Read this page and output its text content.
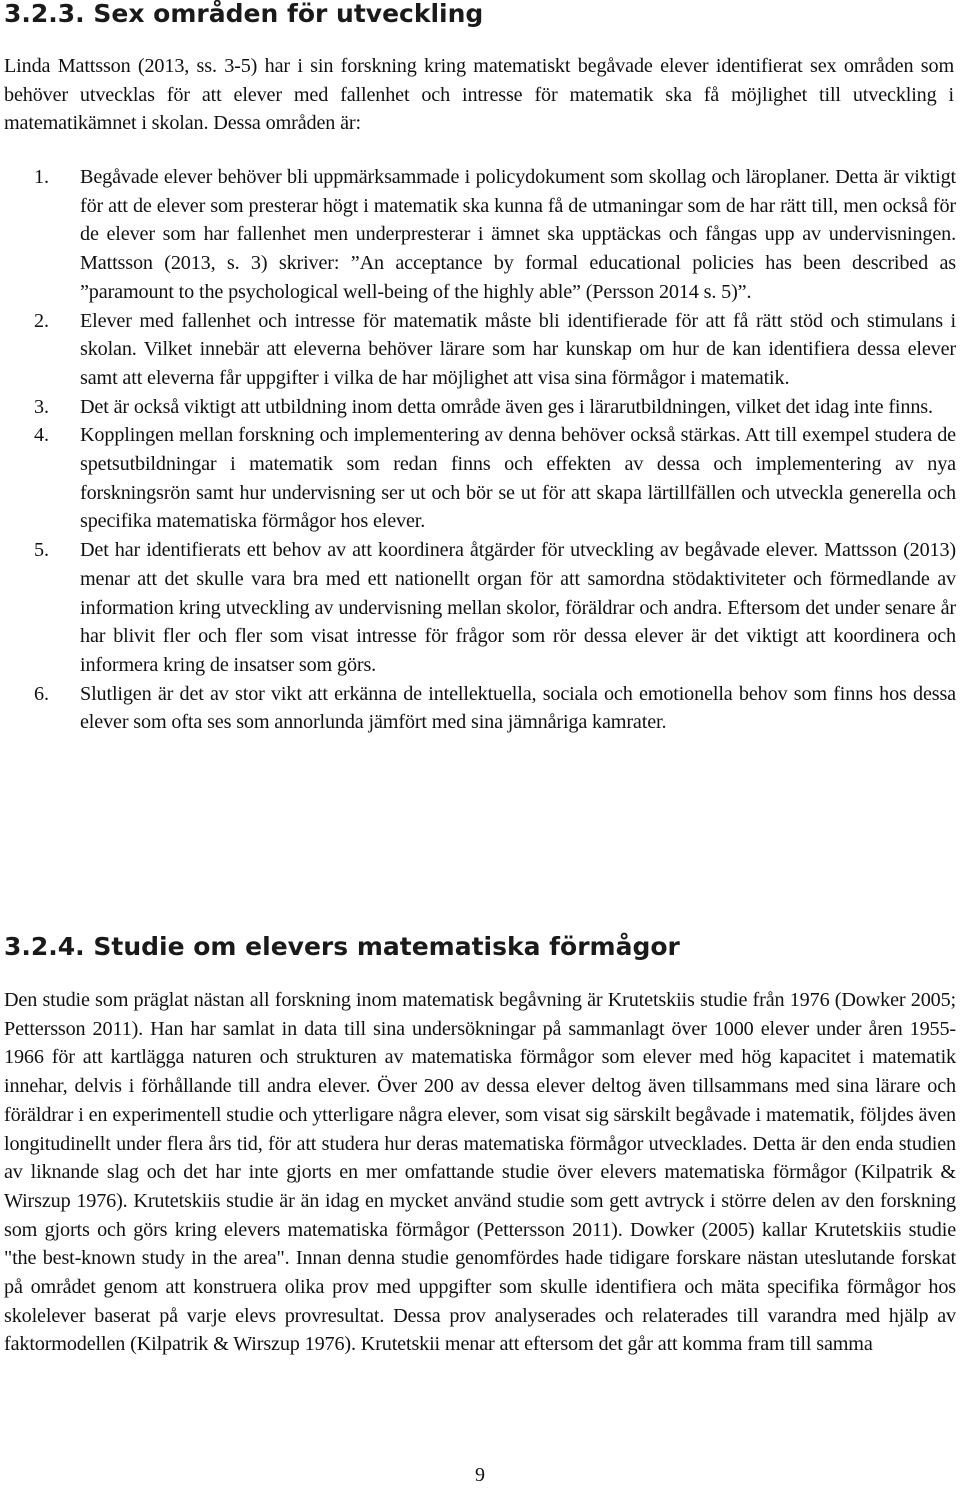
3.2.3. Sex områden för utveckling

Linda Mattsson (2013, ss. 3-5) har i sin forskning kring matematiskt begåvade elever identifierat sex områden som behöver utvecklas för att elever med fallenhet och intresse för matematik ska få möjlighet till utveckling i matematikämnet i skolan. Dessa områden är:

1.	Begåvade elever behöver bli uppmärksammade i policydokument som skollag och läroplaner. Detta är viktigt för att de elever som presterar högt i matematik ska kunna få de utmaningar som de har rätt till, men också för de elever som har fallenhet men underpresterar i ämnet ska upptäckas och fångas upp av undervisningen. Mattsson (2013, s. 3) skriver: ”An acceptance by formal educational policies has been described as ”paramount to the psychological well-being of the highly able” (Persson 2014 s. 5)”.
2.	Elever med fallenhet och intresse för matematik måste bli identifierade för att få rätt stöd och stimulans i skolan. Vilket innebär att eleverna behöver lärare som har kunskap om hur de kan identifiera dessa elever samt att eleverna får uppgifter i vilka de har möjlighet att visa sina förmågor i matematik.
3.	Det är också viktigt att utbildning inom detta område även ges i lärarutbildningen, vilket det idag inte finns.
4.	Kopplingen mellan forskning och implementering av denna behöver också stärkas. Att till exempel studera de spetsutbildningar i matematik som redan finns och effekten av dessa och implementering av nya forskningsrön samt hur undervisning ser ut och bör se ut för att skapa lärtillfällen och utveckla generella och specifika matematiska förmågor hos elever.
5.	Det har identifierats ett behov av att koordinera åtgärder för utveckling av begåvade elever. Mattsson (2013) menar att det skulle vara bra med ett nationellt organ för att samordna stödaktiviteter och förmedlande av information kring utveckling av undervisning mellan skolor, föräldrar och andra. Eftersom det under senare år har blivit fler och fler som visat intresse för frågor som rör dessa elever är det viktigt att koordinera och informera kring de insatser som görs.
6.	Slutligen är det av stor vikt att erkänna de intellektuella, sociala och emotionella behov som finns hos dessa elever som ofta ses som annorlunda jämfört med sina jämnåriga kamrater.
3.2.4. Studie om elevers matematiska förmågor

Den studie som präglat nästan all forskning inom matematisk begåvning är Krutetskiis studie från 1976 (Dowker 2005; Pettersson 2011). Han har samlat in data till sina undersökningar på sammanlagt över 1000 elever under åren 1955-1966 för att kartlägga naturen och strukturen av matematiska förmågor som elever med hög kapacitet i matematik innehar, delvis i förhållande till andra elever. Över 200 av dessa elever deltog även tillsammans med sina lärare och föräldrar i en experimentell studie och ytterligare några elever, som visat sig särskilt begåvade i matematik, följdes även longitudinellt under flera års tid, för att studera hur deras matematiska förmågor utvecklades. Detta är den enda studien av liknande slag och det har inte gjorts en mer omfattande studie över elevers matematiska förmågor (Kilpatrik & Wirszup 1976). Krutetskiis studie är än idag en mycket använd studie som gett avtryck i större delen av den forskning som gjorts och görs kring elevers matematiska förmågor (Pettersson 2011). Dowker (2005) kallar Krutetskiis studie "the best-known study in the area". Innan denna studie genomfördes hade tidigare forskare nästan uteslutande forskat på området genom att konstruera olika prov med uppgifter som skulle identifiera och mäta specifika förmågor hos skolelever baserat på varje elevs provresultat. Dessa prov analyserades och relaterades till varandra med hjälp av faktormodellen (Kilpatrik & Wirszup 1976). Krutetskii menar att eftersom det går att komma fram till samma

9
